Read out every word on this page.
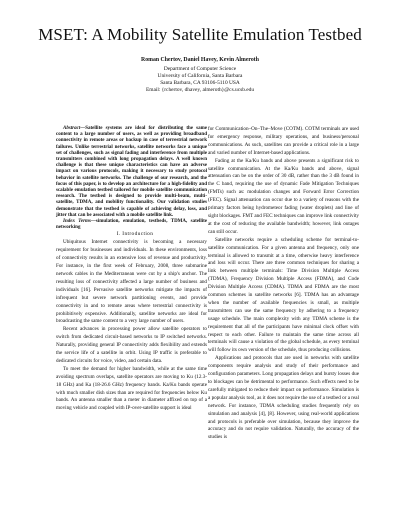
MSET: A Mobility Satellite Emulation Testbed
Roman Chertov, Daniel Havey, Kevin Almeroth
Department of Computer Science
University of California, Santa Barbara
Santa Barbara, CA 93106-5110 USA
Email: {rchertov, dhavey, almeroth}@cs.ucsb.edu

Abstract—Satellite systems are ideal for distributing the same content to a large number of users, as well as providing broadband connectivity in remote areas or backup in case of terrestrial network failures. Unlike terrestrial networks, satellite networks face a unique set of challenges, such as signal fading and interference from multiple transmitters combined with long propagation delays. A well known challenge is that these unique characteristics can have an adverse impact on various protocols, making it necessary to study protocol behavior in satellite networks. The challenge of our research, and the focus of this paper, is to develop an architecture for a high-fidelity and scalable emulation testbed tailored for mobile satellite communication research. The testbed is designed to provide multi-beam, multi-satellite, TDMA, and mobility functionality. Our validation studies demonstrate that the testbed is capable of achieving delay, loss, and jitter that can be associated with a mobile satellite link.

Index Terms—simulation, emulation, testbeds, TDMA, satellite networking

I. Introduction

Ubiquitous Internet connectivity is becoming a necessary requirement for businesses and individuals. In these environments, loss of connectivity results in an extensive loss of revenue and productivity. For instance, in the first week of February, 2008, three submarine network cables in the Mediterranean were cut by a ship's anchor. The resulting loss of connectivity affected a large number of business and individuals [16]. Pervasive satellite networks mitigate the impacts of infrequent but severe network partitioning events, and provide connectivity in and to remote areas where terrestrial connectivity is prohibitively expensive. Additionally, satellite networks are ideal for broadcasting the same content to a very large number of users.

Recent advances in processing power allow satellite operators to switch from dedicated circuit-based networks to IP switched networks. Naturally, providing general IP connectivity adds flexibility and extends the service life of a satellite in orbit. Using IP traffic is preferable to dedicated circuits for voice, video, and certain data.

To meet the demand for higher bandwidth, while at the same time avoiding spectrum overlaps, satellite operators are moving to Ku (12.3-18 GHz) and Ka (18-26.6 GHz) frequency bands. Ka/Ku bands operate with much smaller dish sizes than are required for frequencies below Ku bands. An antenna smaller than a meter in diameter affixed on top of a moving vehicle and coupled with IP-over-satellite support is ideal

for Communication–On–The–Move (COTM). COTM terminals are used for emergency response, military operations, and business/personal communications. As such, satellites can provide a critical role in a large and varied number of Internet-based applications.

Fading at the Ka/Ku bands and above presents a significant risk to satellite communication. At the Ka/Ku bands and above, signal attenuation can be on the order of 30 dB, rather than the 3 dB found in the C band, requiring the use of dynamic Fade Mitigation Techniques (FMTs) such as: modulation changes and Forward Error Correction (FEC). Signal attenuation can occur due to a variety of reasons with the primary factors being hydrometeor fading (water droplets) and line of sight blockages. FMT and FEC techniques can improve link connectivity at the cost of reducing the available bandwidth; however, link outages can still occur.

Satellite networks require a scheduling scheme for terminal-to-satellite communication. For a given antenna and frequency, only one terminal is allowed to transmit at a time, otherwise heavy interference and loss will occur. There are three common techniques for sharing a link between multiple terminals: Time Division Multiple Access (TDMA), Frequency Division Multiple Access (FDMA), and Code Division Multiple Access (CDMA). TDMA and FDMA are the most common schemes in satellite networks [6]. TDMA has an advantage when the number of available frequencies is small, as multiple transmitters can use the same frequency by adhering to a frequency usage schedule. The main complexity with any TDMA scheme is the requirement that all of the participants have minimal clock offset with respect to each other. Failure to maintain the same time across all terminals will cause a violation of the global schedule, as every terminal will follow its own version of the schedule, thus producing collisions.

Applications and protocols that are used in networks with satellite components require analysis and study of their performance and configuration parameters. Long propagation delays and bursty losses due to blockages can be detrimental to performance. Such effects need to be carefully mitigated to reduce their impact on performance. Simulation is a popular analysis tool, as it does not require the use of a testbed or a real network. For instance, TDMA scheduling studies frequently rely on simulation and analysis [4], [8]. However, using real-world applications and protocols is preferable over simulation, because they improve the accuracy and do not require validation. Naturally, the accuracy of the studies is
